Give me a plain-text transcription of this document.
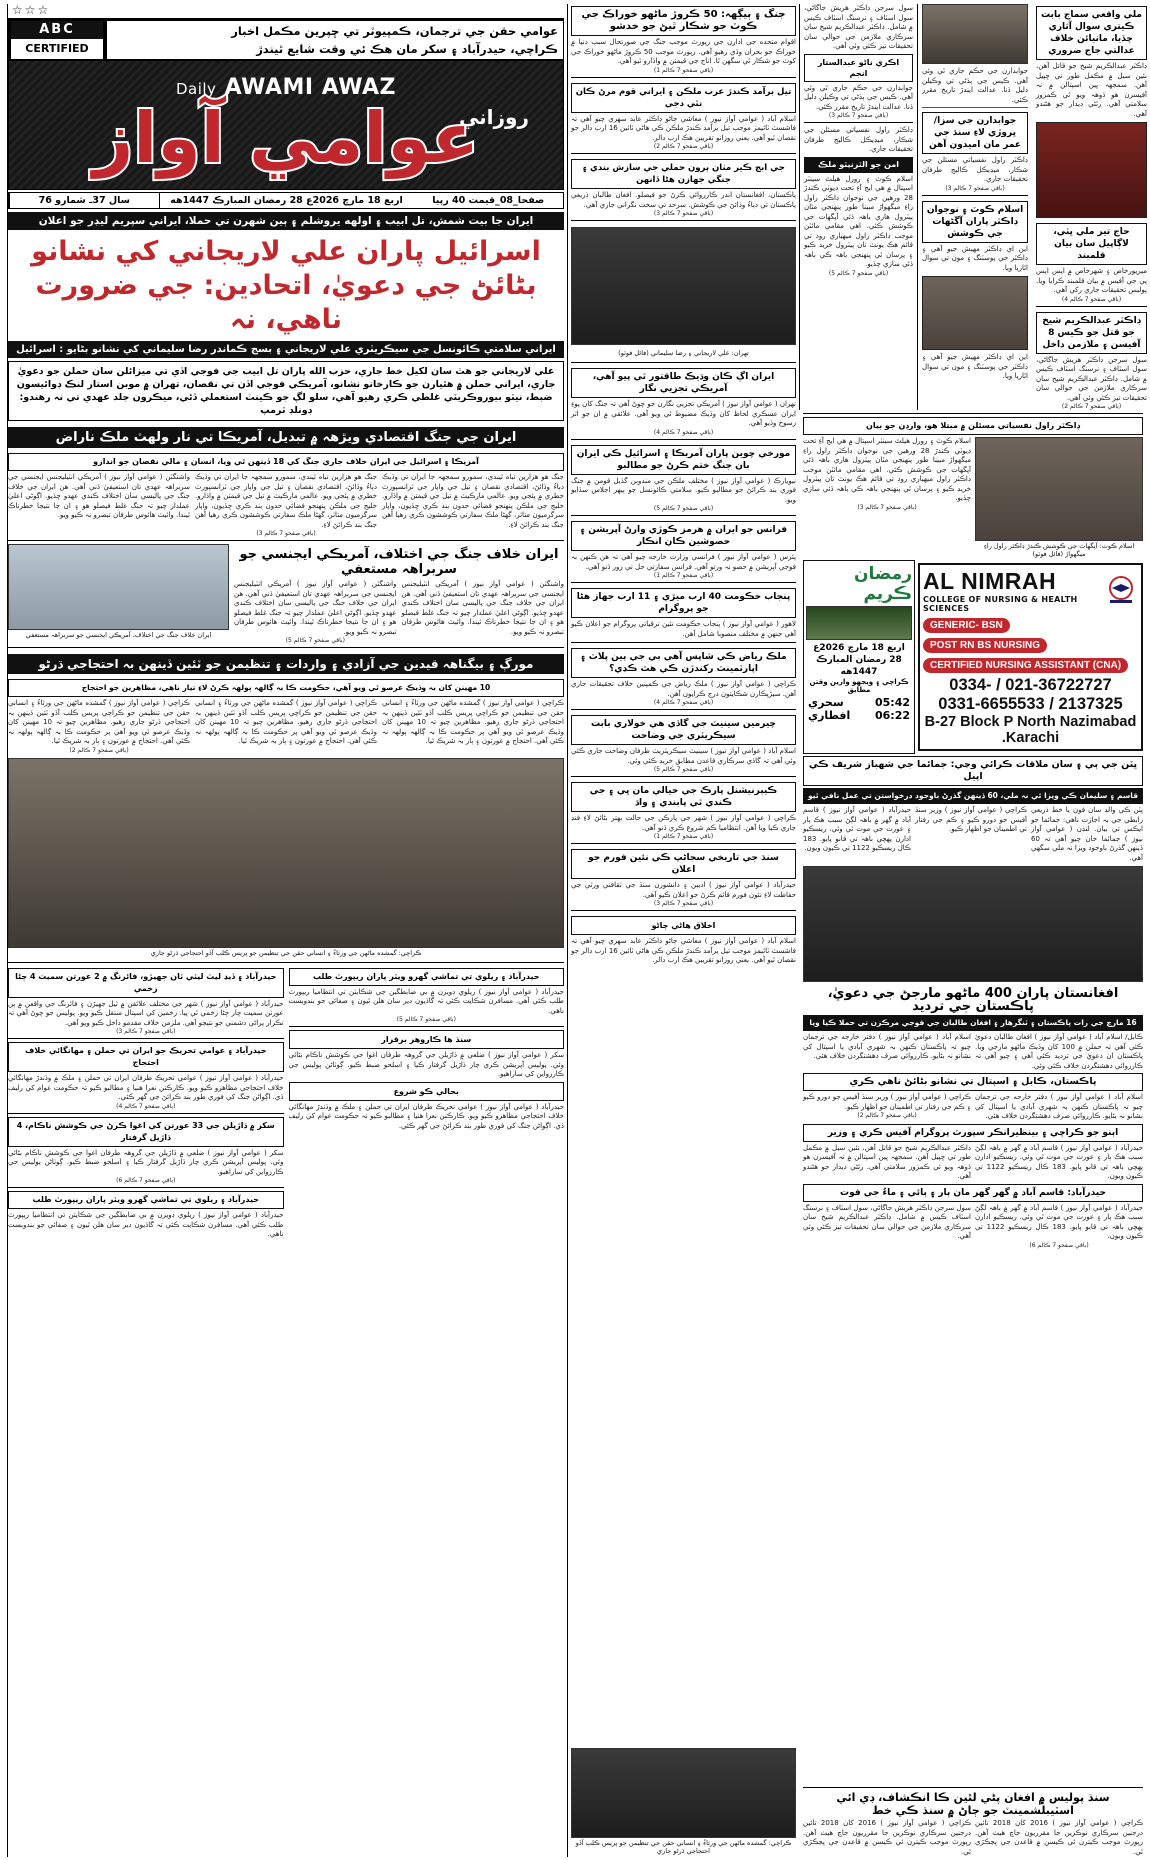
ملي واقعي سماج بابت ڪيتري سوال آثاري چڏيا، مانيائن خلاف عدالتي جاج ضروري
ڊاڪٽر عبدالڪريم شيخ جو قاتل آهن، نئين سيل ۾ مڪمل طور تي ڇپيل آهن. سمجهہ ڀين اسپتالن ۾ نہ آفيسرن هو ڏوهہ ويو ئي ڪمزور سلامتي آهي. رٿڻي ديدار جو هڻندو آهي.
حاج تير ملي ڀٽي، لاڳاپيل سان بيان قلمبند
ميرپورخاص ۽ شهرخاص ۾ ايس ايس پي جي آفيس ۾ بيان قلمبند ڪرايا ويا. پوليس تحقيقات جاري رکي آهي.
(باقي صفحو 7 ڪالم 4)
ڊاڪٽر عبدالڪريم شيخ جو قتل جو ڪيس 8 آفيسن ۽ ملازمن داخل
سول سرجن ڊاڪٽر هريش جاگاڻي، سول اسٽاف ۽ نرسنگ اسٽاف ڪيس ۾ شامل. ڊاڪٽر عبدالڪريم شيخ سان سرڪاري ملازمن جي حوالي سان تحقيقات تيز ڪئي وئي آهي.
(باقي صفحو 7 ڪالم 2)
جوابدارن جي حڪم جاري ٿي وئي آهي. ڪيس جي ٻڌڻي تي وڪيلن دليل ڏنا. عدالت ايندڙ تاريخ مقرر ڪئي.
جوابدارن جي سزا/ڀروڙي لاءِ سنڌ جي عمر مان اميدون آهن
ڊاڪٽر راول نفسياتي مسئلن جي شڪار، ميڊيڪل ڪاليج طرفان تحقيقات جاري.
(باقي صفحو 7 ڪالم 3)
اسلام ڪوٽ ۽ نوجوان ڊاڪٽر پاران آڱڻهات جي ڪوشش
اين اي ڊاڪٽر مهيش جيو آهي ۽ ڊاڪٽر جي پوسٽنگ ۽ مون تي سوال اٿاريا ويا.
اين اي ڊاڪٽر مهيش جيو آهي ۽ ڊاڪٽر جي پوسٽنگ ۽ مون تي سوال اٿاريا ويا.
سول سرجن ڊاڪٽر هريش جاگاڻي، سول اسٽاف ۽ نرسنگ اسٽاف ڪيس ۾ شامل. ڊاڪٽر عبدالڪريم شيخ سان سرڪاري ملازمن جي حوالي سان تحقيقات تيز ڪئي وئي آهي.
اڪري ناڻو عبدالستار انجم
جوابدارن جي حڪم جاري ٿي وئي آهي. ڪيس جي ٻڌڻي تي وڪيلن دليل ڏنا. عدالت ايندڙ تاريخ مقرر ڪئي.
(باقي صفحو 7 ڪالم 3)
ڊاڪٽر راول نفسياتي مسئلن جي شڪار، ميڊيڪل ڪاليج طرفان تحقيقات جاري.
امن جو الٽرنيٽو ملڪ
اسلام ڪوٽ ۽ رورل هيلٿ سينٽر اسپتال ۾ هي ايج آءِ تحت ڊيوٽي ڪندڙ 28 ورهين جي نوجوان ڊاڪٽر راول راءِ ميگهواڙ مبينا طور پنهنجي مٿان پيٽرول هاري باهہ ڏئي آپگهات جي ڪوشش ڪئي. اهي مقامي مائٽن موجب ڊاڪٽر راول ميهياري رود تي قائم هڪ يونٽ تان پيٽرول خريد ڪيو ۽ پرسان ٿي پنهنجي باهہ ڪي باهہ ڏئي سازي چڏيو.
(باقي صفحو 7 ڪالم 5)
ڊاڪٽر راول نفسياتي مسئلن ۾ مبتلا هو، وارڊن جو بيان
اسلام ڪوٽ: آپگهات جي ڪوشش ڪندڙ ڊاڪٽر راول راءِ ميگهواڙ (فائل فوٽو)
اسلام ڪوٽ ۽ رورل هيلٿ سينٽر اسپتال ۾ هي ايج آءِ تحت ڊيوٽي ڪندڙ 28 ورهين جي نوجوان ڊاڪٽر راول راءِ ميگهواڙ مبينا طور پنهنجي مٿان پيٽرول هاري باهہ ڏئي آپگهات جي ڪوشش ڪئي. اهي مقامي مائٽن موجب ڊاڪٽر راول ميهياري رود تي قائم هڪ يونٽ تان پيٽرول خريد ڪيو ۽ پرسان ٿي پنهنجي باهہ ڪي باهہ ڏئي سازي چڏيو.
(باقي صفحو 7 ڪالم 3)
AL NIMRAH
COLLEGE OF NURSING & HEALTH SCIENCES
GENERIC- BSN POST RN BS NURSING
CERTIFIED NURSING ASSISTANT (CNA)
021-36722727 / 0334-2137325 / 0331-6655533
B-27 Block P North Nazimabad Karachi.
رمضان ڪريم
اربع 18 مارچ 2026ع
28 رمضان المبارڪ 1447هه
ڪراچي ۽ ويجهو وارين وقتن مطابق
سحري	05:42
افطاري 06:22
ڀٽن جي ٻي ۽ سان ملاقات ڪرائي وڃي: جمائما جي شهباز شريف ڪي اپيل
قاسم ۽ سليمان ڪي ويزا ئي نہ ملي، 60 ڏينهن گذرڻ باوجود درخواستن تي عمل نافي ٿيو
ڀٽن ڪي والد سان فون يا خط ذريعي رابطي جي بہ اجازت ناهي: جمائما جو ايڪس تي بيان. لنڊن ( عوامي آواز نيوز ) جمائما خان چيو آهي تہ 60 ڏينهن گذرڻ باوجود ويزا نہ ملي سگهي آهي.
ڪراچي ( عوامي آواز نيوز ) وزير سنڌ آفيس جو دورو ڪيو ۽ ڪم جي رفتار تي اطمينان جو اظهار ڪيو.
حيدرآباد ( عوامي آواز نيوز ) قاسم آباد ۾ گهر ۾ باهہ لڳڻ سبب هڪ ٻار ۽ عورت جي موت ٿي وئي. ريسڪيو ادارن پهچي باهہ تي قابو پايو. 183 ڪال ريسڪيو 1122 تي ڪيون ويون.
افغانستان پاران 400 ماڻهو مارجڻ جي دعويٰ، پاڪستان جي ترديد
16 مارچ جي رات پاڪستان ۽ ٽنگرهار ۽ افغان طالبان جي فوجي مرڪزن تي حملا ڪيا ويا
ڪابل/ اسلام آباد ( عوامي آواز نيوز ) افغان طالبان دعويٰ ڪئي آهي تہ حملن ۾ 100 کان وڌيڪ ماڻهو مارجي ويا. پاڪستان ان دعويٰ جي ترديد ڪئي آهي ۽ چيو آهي تہ ڪارروائي دهشتگردن خلاف ڪئي وئي.
اسلام آباد ( عوامي آواز نيوز ) دفتر خارجه جي ترجمان چيو تہ پاڪستان ڪنهن بہ شهري آبادي يا اسپتال کي نشانو نہ بڻايو. ڪارروائي صرف دهشتگردن خلاف هئي.
پاڪستان، ڪابل ۽ اسپتال تي نشانو بڻائڻ ناهي ڪري
اسلام آباد ( عوامي آواز نيوز ) دفتر خارجه جي ترجمان چيو تہ پاڪستان ڪنهن بہ شهري آبادي يا اسپتال کي نشانو نہ بڻايو. ڪارروائي صرف دهشتگردن خلاف هئي.
ڪراچي ( عوامي آواز نيوز ) وزير سنڌ آفيس جو دورو ڪيو ۽ ڪم جي رفتار تي اطمينان جو اظهار ڪيو.
(باقي صفحو 7 ڪالم 2)
اٻنو جو ڪراچي ۽ بينظيرانڪر سپورٽ پروگرام آفيس ڪري ۽ وزير
حيدرآباد ( عوامي آواز نيوز ) قاسم آباد ۾ گهر ۾ باهہ لڳڻ سبب هڪ ٻار ۽ عورت جي موت ٿي وئي. ريسڪيو ادارن پهچي باهہ تي قابو پايو. 183 ڪال ريسڪيو 1122 تي ڪيون ويون.
ڊاڪٽر عبدالڪريم شيخ جو قاتل آهن، نئين سيل ۾ مڪمل طور تي ڇپيل آهن. سمجهہ ڀين اسپتالن ۾ نہ آفيسرن هو ڏوهہ ويو ئي ڪمزور سلامتي آهي. رٿڻي ديدار جو هڻندو آهي.
حيدرآباد: قاسم آباد ۾ گهر گهر مان ٻار ۽ ٻائي ۽ ماءُ جي فوت
حيدرآباد ( عوامي آواز نيوز ) قاسم آباد ۾ گهر ۾ باهہ لڳڻ سبب هڪ ٻار ۽ عورت جي موت ٿي وئي. ريسڪيو ادارن پهچي باهہ تي قابو پايو. 183 ڪال ريسڪيو 1122 تي ڪيون ويون.
(باقي صفحو 7 ڪالم 6)
سول سرجن ڊاڪٽر هريش جاگاڻي، سول اسٽاف ۽ نرسنگ اسٽاف ڪيس ۾ شامل. ڊاڪٽر عبدالڪريم شيخ سان سرڪاري ملازمن جي حوالي سان تحقيقات تيز ڪئي وئي آهي.
سنڌ پوليس ۾ افغان پڻي لئين ڪا انڪشاف، ڊي ائي اسٽيبلشمينٽ جو ڄاڻ ۾ سنڌ ڪي خط
ڪراچي ( عوامي آواز نيوز ) 2016 کان 2018 تائين درجنين سرڪاري نوڪرين جا مقرريون جاچ هيٺ آهن. رپورٽ موجب ڪيترن ئي ڪيسن ۾ قاعدن جي ڀڃڪڙي ٿي.
ڪراچي ( عوامي آواز نيوز ) 2016 کان 2018 تائين درجنين سرڪاري نوڪرين جا مقرريون جاچ هيٺ آهن. رپورٽ موجب ڪيترن ئي ڪيسن ۾ قاعدن جي ڀڃڪڙي ٿي.
جنگ ۽ ٻيڳھہ: 50 ڪروڙ ماڻهو خوراڪ جي ڪوٽ جو شڪار ٿيڻ جو خدشو
اقوام متحده جي ادارن جي رپورٽ موجب جنگ جي صورتحال سبب دنيا ۾ خوراڪ جو بحران وڌي رهيو آهي. رپورٽ موجب 50 ڪروڙ ماڻهو خوراڪ جي کوٽ جو شڪار ٿي سگهن ٿا. اناج جي قيمتن ۾ واڌارو ٿيو آهي.
(باقي صفحو 7 ڪالم 1)
تيل برآمد ڪندڙ عرب ملڪن ۽ ايراني قوم مرڻ ڪان نٿي دجي
اسلام آباد ( عوامي آواز نيوز ) معاشي ڄاڻو ڊاڪٽر عابد سهري چيو آهي تہ فاشسٽ ٽائيمز موجب تيل برآمد ڪندڙ ملڪن ڪي هاڻي ٽائين 16 ارب ڊالر جو نقصان ٿيو آهي. يعني روزانو تقريبن هڪ ارب ڊالر.
(باقي صفحو 7 ڪالم 2)
جي ابج ڪير مٺان ٻرون حملي جي سازش بندي ۽ جنگي جهازن هڻا ڏانهن
پاڪستان، افغانستان اندر ڪارروائي ڪرڻ جو فيصلو. افغان طالبان ذريعي پاڪستان تي دٻاءُ وڌائڻ جي ڪوشش. سرحد تي سخت نگراني جاري آهي.
(باقي صفحو 7 ڪالم 3)
تهران: علي لاريجاني ۽ رضا سليماني (فائل فوٽو)
ايران اڳ ڪان وڌيڪ طاقتور ٿي پيو آهي، آمريڪي تجزيي نگار
تهران ( عوامي آواز نيوز ) آمريڪي تجزيي نگارن جو چوڻ آهي تہ جنگ کان پوءِ ايران عسڪري لحاظ کان وڌيڪ مضبوط ٿي ويو آهي. علائقي ۾ ان جو اثر رسوخ وڌيو آهي.
(باقي صفحو 7 ڪالم 4)
مورخي چوين پاران آمريڪا ۽ اسرائيل ڪي ايران بان جنگ ختم ڪرڻ جو مطالبو
نيويارڪ ( عوامي آواز نيوز ) مختلف ملڪن جي مندوبن گڏيل قومن ۾ جنگ فوري بند ڪرائڻ جو مطالبو ڪيو. سلامتي ڪائونسل جو ٻيهر اجلاس سڏايو ويو.
(باقي صفحو 7 ڪالم 5)
فرانس جو ايران ۾ هرمز ڪوڙي وارڻ آپريشن ۽ حصوشين ڪان انڪار
پئرس ( عوامي آواز نيوز ) فرانسي وزارت خارجه چيو آهي تہ هن ڪنهن بہ فوجي آپريشن ۾ حصو نہ ورتو آهي. فرانس سفارتي حل تي زور ڏنو آهي.
(باقي صفحو 7 ڪالم 1)
پنجاب حڪومت 40 ارب ميڙي ۽ 11 ارب جهاز هڻا جو پروگرام
لاهور ( عوامي آواز نيوز ) پنجاب حڪومت نئين ترقياتي پروگرام جو اعلان ڪيو آهي جنهن ۾ مختلف منصوبا شامل آهن.
ملڪ رياض ڪي شاپس آهي بي جي ٻين پلاٽ ۽ اپارٽمينٽ رکندڙن ڪي هٿ ڪڍي؟
ڪراچي ( عوامي آواز نيوز ) ملڪ رياض جي ڪمپنين خلاف تحقيقات جاري آهن. سيڙپڪارن شڪايتون درج ڪرايون آهن.
(باقي صفحو 7 ڪالم 4)
چيرمين سينيٽ جي گاڏي هي خولاري بابت سيڪريٽري جي وضاحت
اسلام آباد ( عوامي آواز نيوز ) سينيٽ سيڪريٽريٽ طرفان وضاحت جاري ڪئي وئي آهي تہ گاڏي سرڪاري قاعدن مطابق خريد ڪئي وئي.
(باقي صفحو 7 ڪالم 5)
ڪيٻرنيشنل پارڪ جي خيالي مان ڀي ۽ جي ڪندي ٿي پابندي ۽ واڌ
ڪراچي ( عوامي آواز نيوز ) شهر جي پارڪن جي حالت بهتر بڻائڻ لاءِ فنڊ جاري ڪيا ويا آهن. انتظاميا ڪم شروع ڪري ڏنو آهي.
(باقي صفحو 7 ڪالم 1)
سنڌ جي تاريخي سجاڻپ ڪي نئين فورم جو اعلان
حيدرآباد ( عوامي آواز نيوز ) اديبن ۽ دانشورن سنڌ جي ثقافتي ورثي جي حفاظت لاءِ نئون فورم قائم ڪرڻ جو اعلان ڪيو آهي.
(باقي صفحو 7 ڪالم 3)
اخلاق هاڻي ڄاڻو
اسلام آباد ( عوامي آواز نيوز ) معاشي ڄاڻو ڊاڪٽر عابد سهري چيو آهي تہ فاشسٽ ٽائيمز موجب تيل برآمد ڪندڙ ملڪن ڪي هاڻي ٽائين 16 ارب ڊالر جو نقصان ٿيو آهي. يعني روزانو تقريبن هڪ ارب ڊالر.
ڪراچي: گمشده ماڻهن جي ورثاءُ ۽ انساني حقن جي تنظيمن جو پريس ڪلب آڏو احتجاجي ڌرڻو جاري
☆☆☆
عوامي حقن جي ترجمان، ڪمپيوٽر تي ڇپرين مڪمل اخبار
ڪراچي، حيدرآباد ۽ سکر مان هڪ ئي وقت شايع ٿيندڙ
ABC
CERTIFIED
Daily AWAMI AWAZ
روزاني
عوامي آواز
سال 37ـ شمارو 76	اربع 18 مارچ 2026ع 28 رمضان المبارڪ 1447هه	صفحا_08_قيمت 40 رپيا
ايران جا بيت شمش، تل ابيب ۽ اولهه يروشلم ۽ ٻين شهرن تي حملا، ايراني سپريم ليڊر جو اعلان
اسرائيل پاران علي لاريجاني کي نشانو بڻائڻ جي دعويٰ، اتحادين: جي ضرورت ناهي، نہ
ايراني سلامتي ڪائونسل جي سيڪريٽري علي لاريجاني ۽ بسج ڪماندر رضا سليماني کي نشانو بڻايو : اسرائيل
علي لاريجاني جو هٿ سان لکيل خط جاري، حزب الله پاران تل ابيب جي فوجي اڏي تي ميزائلن سان حملن جو دعويٰ جاري، ايراني حملن ۾ هٿيارن جو ڪارخانو نشانو، آمريڪي فوجي اڏن تي نقصان، تهران ۾ موبن استار لنڪ ڊوائيسون ضبط، نيٽو بيوروڪريٽي غلطي ڪري رهيو آهي، سلو لڳ جو ڪينٽ استعملي ڏئي، ميڪرون جلد عهدي تي نہ رهندو: ڊونلڊ ٽرمپ
ايران جي جنگ اقتصادي ويڙهہ ۾ تبديل، آمريڪا تي نار ولهٽ ملڪ ناراض
آمريڪا ۽ اسرائيل جي ايران خلاف جاري جنگ کي 18 ڏينهن ٿي ويا، انسان ۽ مالي نقصان جو اندازو
جنگ هو هزارين تباه ٿيندي، سمورو سمجهہ جا ايران تي وڌيڪ دٻاءُ وڌائڻ، اقتصادي نقصان ۽ تيل جي واپار جي ٽرانسپورٽ خطري ۾ پئجي ويو. عالمي مارڪيٽ ۾ تيل جي قيمتن ۾ واڌارو. خليج جي ملڪن پنهنجو فضائي حدون بند ڪري ڇڏيون، واپار سرگرميون متاثر، گهڻا ملڪ سفارتي ڪوششون ڪري رهيا آهن جنگ بند ڪرائڻ لاءِ.
جنگ هو هزارين تباه ٿيندي، سمورو سمجهہ جا ايران تي وڌيڪ دٻاءُ وڌائڻ، اقتصادي نقصان ۽ تيل جي واپار جي ٽرانسپورٽ خطري ۾ پئجي ويو. عالمي مارڪيٽ ۾ تيل جي قيمتن ۾ واڌارو. خليج جي ملڪن پنهنجو فضائي حدون بند ڪري ڇڏيون، واپار سرگرميون متاثر، گهڻا ملڪ سفارتي ڪوششون ڪري رهيا آهن جنگ بند ڪرائڻ لاءِ.
(باقي صفحو 7 ڪالم 3)
واشنگٽن ( عوامي آواز نيوز ) آمريڪي انٽيليجنس ايجنسي جي سربراهہ عهدي تان استعيفيٰ ڏني آهي. هن ايران جي خلاف جنگ جي پاليسي سان اختلاف ڪندي عهدو ڇڏيو. اڳوڻي اعليٰ عملدار چيو تہ جنگ غلط فيصلو هو ۽ ان جا نتيجا خطرناڪ ٿيندا. وائيٽ هائوس طرفان تبصرو نہ ڪيو ويو.
ايران خلاف جنگ جي اختلاف، آمريڪي ايجنسي جو سربراهہ مستعفي
واشنگٽن ( عوامي آواز نيوز ) آمريڪي انٽيليجنس ايجنسي جي سربراهہ عهدي تان استعيفيٰ ڏني آهي. هن ايران جي خلاف جنگ جي پاليسي سان اختلاف ڪندي عهدو ڇڏيو. اڳوڻي اعليٰ عملدار چيو تہ جنگ غلط فيصلو هو ۽ ان جا نتيجا خطرناڪ ٿيندا. وائيٽ هائوس طرفان تبصرو نہ ڪيو ويو.
واشنگٽن ( عوامي آواز نيوز ) آمريڪي انٽيليجنس ايجنسي جي سربراهہ عهدي تان استعيفيٰ ڏني آهي. هن ايران جي خلاف جنگ جي پاليسي سان اختلاف ڪندي عهدو ڇڏيو. اڳوڻي اعليٰ عملدار چيو تہ جنگ غلط فيصلو هو ۽ ان جا نتيجا خطرناڪ ٿيندا. وائيٽ هائوس طرفان تبصرو نہ ڪيو ويو.
(باقي صفحو 7 ڪالم 5)
ايران خلاف جنگ جي اختلاف، آمريڪي ايجنسي جو سربراهہ مستعفي
مورڳ ۽ بيگناهہ قيدين جي آزادي ۽ واردات ۽ تنظيمن جو ٽئين ڏينهن بہ احتجاجي ڌرڻو
10 مهينن کان بہ وڌيڪ عرصو ٿي ويو آهي، حڪومت ڪا بہ ڳالهہ ٻولهہ ڪرڻ لاءِ تيار ناهي، مظاهرين جو احتجاج
ڪراچي ( عوامي آواز نيوز ) گمشده ماڻهن جي ورثاءُ ۽ انساني حقن جي تنظيمن جو ڪراچي پريس ڪلب آڏو ٽئين ڏينهن بہ احتجاجي ڌرڻو جاري رهيو. مظاهرين چيو تہ 10 مهينن کان وڌيڪ عرصو ٿي ويو آهي پر حڪومت ڪا بہ ڳالهہ ٻولهہ نہ ڪئي آهي. احتجاج ۾ عورتون ۽ ٻار بہ شريڪ ٿيا.
ڪراچي ( عوامي آواز نيوز ) گمشده ماڻهن جي ورثاءُ ۽ انساني حقن جي تنظيمن جو ڪراچي پريس ڪلب آڏو ٽئين ڏينهن بہ احتجاجي ڌرڻو جاري رهيو. مظاهرين چيو تہ 10 مهينن کان وڌيڪ عرصو ٿي ويو آهي پر حڪومت ڪا بہ ڳالهہ ٻولهہ نہ ڪئي آهي. احتجاج ۾ عورتون ۽ ٻار بہ شريڪ ٿيا.
ڪراچي ( عوامي آواز نيوز ) گمشده ماڻهن جي ورثاءُ ۽ انساني حقن جي تنظيمن جو ڪراچي پريس ڪلب آڏو ٽئين ڏينهن بہ احتجاجي ڌرڻو جاري رهيو. مظاهرين چيو تہ 10 مهينن کان وڌيڪ عرصو ٿي ويو آهي پر حڪومت ڪا بہ ڳالهہ ٻولهہ نہ ڪئي آهي. احتجاج ۾ عورتون ۽ ٻار بہ شريڪ ٿيا.
(باقي صفحو 7 ڪالم 2)
ڪراچي: گمشده ماڻهن جي ورثاءُ ۽ انساني حقن جي تنظيمن جو پريس ڪلب آڏو احتجاجي ڌرڻو جاري
حيدرآباد ۽ ريلوي تي تماشي گهرو ويٽر پاران ريپورٽ طلب
حيدرآباد ( عوامي آواز نيوز ) ريلوي ڊويزن ۾ بي ضابطگين جي شڪايتن تي انتظاميا ريپورٽ طلب ڪئي آهي. مسافرن شڪايت ڪئي تہ گاڏيون دير سان هلن ٿيون ۽ صفائي جو بندوبست ناهي.
(باقي صفحو 7 ڪالم 5)
سنڌ ها ڪاروهر برقرار
سکر ( عوامي آواز نيوز ) ضلعي ۾ ڌاڙيلن جي گروهہ طرفان اغوا جي ڪوشش ناڪام بڻائي وئي. پوليس آپريشن ڪري چار ڌاڙيل گرفتار ڪيا ۽ اسلحو ضبط ڪيو. ڳوٺاڻن پوليس جي ڪاررواين کي ساراهيو.
بحالي ڪو شروع
حيدرآباد ( عوامي آواز نيوز ) عوامي تحريڪ طرفان ايران تي حملن ۽ ملڪ ۾ وڌندڙ مهانگائي خلاف احتجاجي مظاهرو ڪيو ويو. ڪارڪنن نعرا هنيا ۽ مطالبو ڪيو تہ حڪومت عوام کي رليف ڏي. اڳواڻن جنگ کي فوري طور بند ڪرائڻ جي گهر ڪئي.
حيدرآباد ۽ ڏيڍ ليٽ ليٽي ٽان جهيڙو، فائرنگ ۾ 2 عورتن سميت 4 ڄڻا زخمي
حيدرآباد ( عوامي آواز نيوز ) شهر جي مختلف علائقن ۾ ٿيل جهيڙن ۽ فائرنگ جي واقعن ۾ ٻن عورتن سميت چار ڄڻا زخمي ٿي پيا. زخمين کي اسپتال منتقل ڪيو ويو. پوليس جو چوڻ آهي تہ تڪرار پراڻي دشمني جو نتيجو آهي. ملزمن خلاف مقدمو داخل ڪيو ويو آهي.
(باقي صفحو 7 ڪالم 3)
حيدرآباد ۽ عوامي تحريڪ جو ايران تي حملن ۽ مهانگائي خلاف احتجاج
حيدرآباد ( عوامي آواز نيوز ) عوامي تحريڪ طرفان ايران تي حملن ۽ ملڪ ۾ وڌندڙ مهانگائي خلاف احتجاجي مظاهرو ڪيو ويو. ڪارڪنن نعرا هنيا ۽ مطالبو ڪيو تہ حڪومت عوام کي رليف ڏي. اڳواڻن جنگ کي فوري طور بند ڪرائڻ جي گهر ڪئي.
(باقي صفحو 7 ڪالم 4)
سکر ۾ ڌاڙيلن جي 33 عورتن کي اغوا ڪرڻ جي ڪوشش ناڪام، 4 ڌاڙيل گرفتار
سکر ( عوامي آواز نيوز ) ضلعي ۾ ڌاڙيلن جي گروهہ طرفان اغوا جي ڪوشش ناڪام بڻائي وئي. پوليس آپريشن ڪري چار ڌاڙيل گرفتار ڪيا ۽ اسلحو ضبط ڪيو. ڳوٺاڻن پوليس جي ڪاررواين کي ساراهيو.
(باقي صفحو 7 ڪالم 6)
حيدرآباد ۽ ريلوي تي تماشي گهرو ويٽر پاران ريپورٽ طلب
حيدرآباد ( عوامي آواز نيوز ) ريلوي ڊويزن ۾ بي ضابطگين جي شڪايتن تي انتظاميا ريپورٽ طلب ڪئي آهي. مسافرن شڪايت ڪئي تہ گاڏيون دير سان هلن ٿيون ۽ صفائي جو بندوبست ناهي.
